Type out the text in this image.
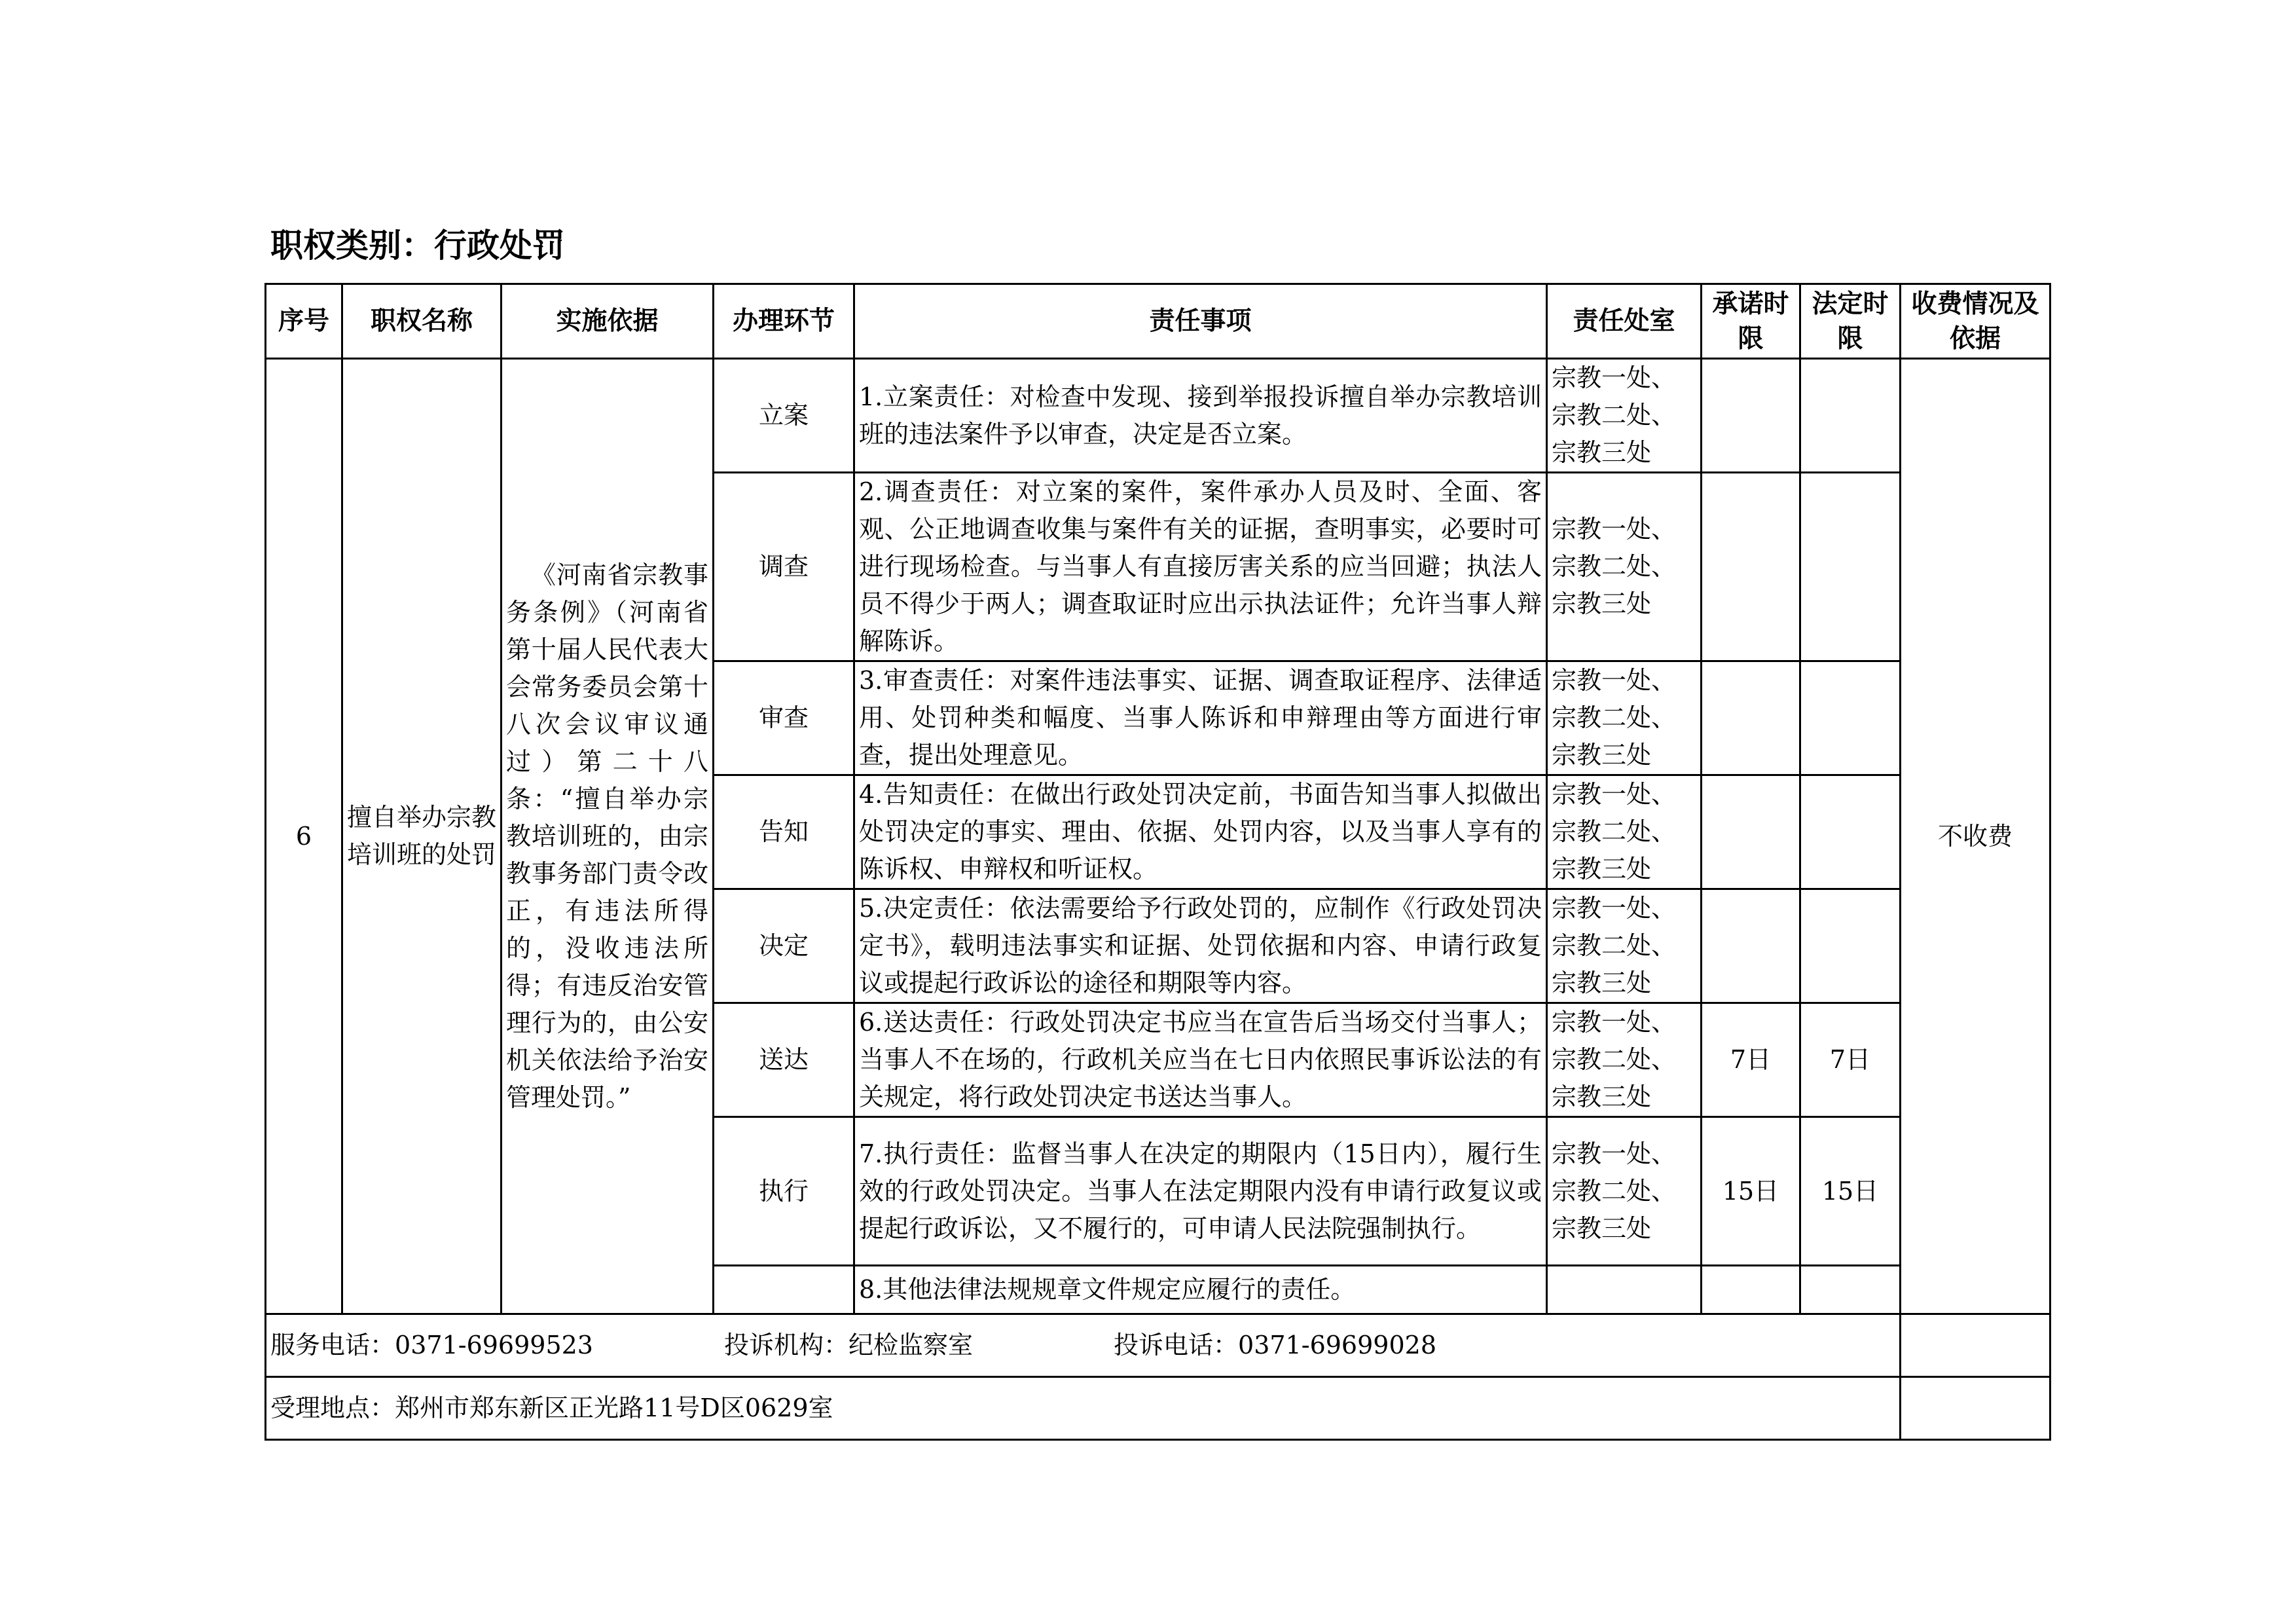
职权类别：行政处罚
序号	职权名称	实施依据	办理环节	责任事项	责任处室	承诺时限	法定时限	收费情况及依据
6	擅自举办宗教培训班的处罚	《河南省宗教事务条例》（河南省第十届人民代表大会常务委员会第十八次会议审议通过）第二十八条：“擅自举办宗教培训班的，由宗教事务部门责令改正，有违法所得的，没收违法所得；有违反治安管理行为的，由公安机关依法给予治安管理处罚。”	立案	1.立案责任：对检查中发现、接到举报投诉擅自举办宗教培训班的违法案件予以审查，决定是否立案。	宗教一处、
宗教二处、
宗教三处			不收费
			调查	2.调查责任：对立案的案件，案件承办人员及时、全面、客观、公正地调查收集与案件有关的证据，查明事实，必要时可进行现场检查。与当事人有直接厉害关系的应当回避；执法人员不得少于两人；调查取证时应出示执法证件；允许当事人辩解陈诉。	宗教一处、
宗教二处、
宗教三处			
			审查	3.审查责任：对案件违法事实、证据、调查取证程序、法律适用、处罚种类和幅度、当事人陈诉和申辩理由等方面进行审查，提出处理意见。	宗教一处、
宗教二处、
宗教三处			
			告知	4.告知责任：在做出行政处罚决定前，书面告知当事人拟做出处罚决定的事实、理由、依据、处罚内容，以及当事人享有的陈诉权、申辩权和听证权。	宗教一处、
宗教二处、
宗教三处			
			决定	5.决定责任：依法需要给予行政处罚的，应制作《行政处罚决定书》，载明违法事实和证据、处罚依据和内容、申请行政复议或提起行政诉讼的途径和期限等内容。	宗教一处、
宗教二处、
宗教三处			
			送达	6.送达责任：行政处罚决定书应当在宣告后当场交付当事人；当事人不在场的，行政机关应当在七日内依照民事诉讼法的有关规定，将行政处罚决定书送达当事人。	宗教一处、
宗教二处、
宗教三处	7日	7日	
			执行	7.执行责任：监督当事人在决定的期限内（15日内），履行生效的行政处罚决定。当事人在法定期限内没有申请行政复议或提起行政诉讼，又不履行的，可申请人民法院强制执行。	宗教一处、
宗教二处、
宗教三处	15日	15日	
				8.其他法律法规规章文件规定应履行的责任。				
服务电话：0371-69699523 投诉机构：纪检监察室 投诉电话：0371-69699028								
受理地点：郑州市郑东新区正光路11号D区0629室								
